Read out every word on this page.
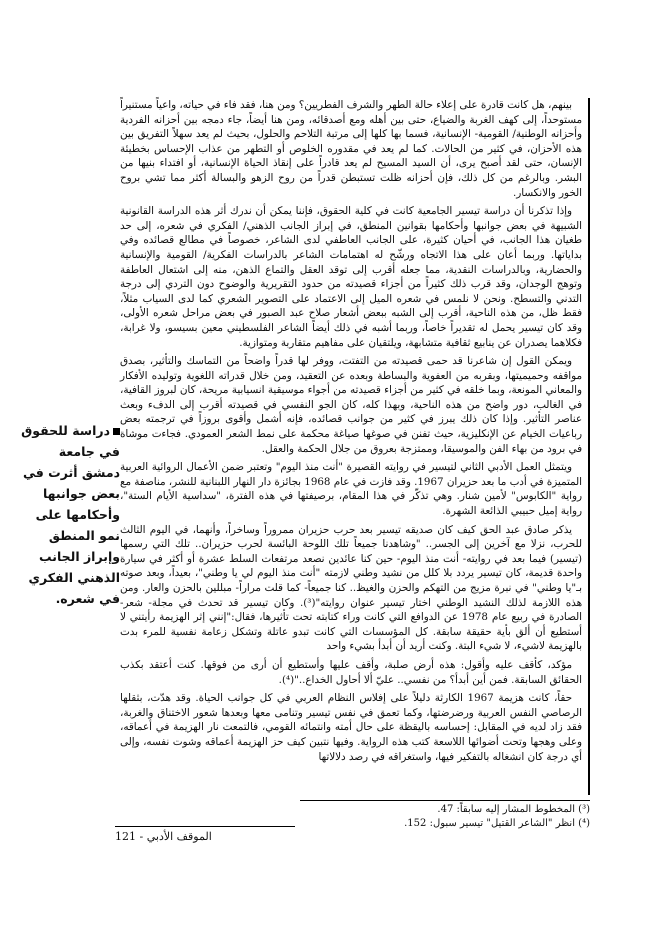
بينهم، هل كانت قادرة على إعلاء حالة الطهر والشرف الفطريين؟ ومن هنا، فقد فاء في حياته، واعياً مستنيراً مستوحداً، إلى كهف الغربة والضياع، حتى بين أهله ومع أصدقائه، ومن هنا أيضاً، جاء دمجه بين أحزانه الفردية وأحزانه الوطنية/ القومية- الإنسانية، فسما بها كلها إلى مرتبة التلاحم والحلول، بحيث لم يعد سهلاً التفريق بين هذه الأحزان، في كثير من الحالات. كما لم يعد في مقدوره الخلوص أو التطهر من عذاب الإحساس بخطيئة الإنسان، حتى لقد أصبح يرى، أن السيد المسيح لم يعد قادراً على إنقاذ الحياة الإنسانية، أو افتداء بنيها من البشر. وبالرغم من كل ذلك، فإن أحزانه ظلت تستبطن قدراً من روح الزهو والبسالة أكثر مما تشي بروح الخور والانكسار.

وإذا تذكرنا أن دراسة تيسير الجامعية كانت في كلية الحقوق، فإننا يمكن أن ندرك أثر هذه الدراسة القانونية الشبيهة في بعض جوانبها وأحكامها بقوانين المنطق، في إبراز الجانب الذهني/ الفكري في شعره، إلى حد طغيان هذا الجانب، في أحيان كثيرة، على الجانب العاطفي لدى الشاعر، خصوصاً في مطالع قصائده وفي بداياتها. وربما أعان على هذا الاتجاه ورشّح له اهتمامات الشاعر بالدراسات الفكرية/ القومية والإنسانية والحضارية، وبالدراسات النقدية، مما جعله أقرب إلى توقد العقل والتماع الذهن، منه إلى اشتعال العاطفة وتوهج الوجدان، وقد قرب ذلك كثيراً من أجزاء قصيدته من حدود التقريرية والوضوح دون التردي إلى درجة التدني والتسطح. ونحن لا نلمس في شعره الميل إلى الاعتماد على التصوير الشعري كما لدى السياب مثلاً، فقط ظل، من هذه الناحية، أقرب إلى الشبه ببعض أشعار صلاح عبد الصبور في بعض مراحل شعره الأولى، وقد كان تيسير يحمل له تقديراً خاصاً، وربما أشبه في ذلك أيضاً الشاعر الفلسطيني معين بسيسو، ولا غرابة، فكلاهما يصدران عن ينابيع ثقافية متشابهة، ويلتقيان على مفاهيم متقاربة ومتوازية.

ويمكن القول إن شاعرنا قد حمى قصيدته من التفتت، ووفر لها قدراً واضحاً من التماسك والتأثير، بصدق مواقفه وحميميتها، وبقربه من العفوية والبساطة وبعده عن التعقيد، ومن خلال قدراته اللغوية وتوليده الأفكار والمعاني المونعة، وبما خلقه في كثير من أجزاء قصيدته من أجواء موسيقية انسيابية مريحة، كان لبروز القافية، في الغالب، دور واضح من هذه الناحية، وبهذا كله، كان الجو النفسي في قصيدته أقرب إلى الدفء وبعث عناصر التأثير. وإذا كان ذلك يبرز في كثير من جوانب قصائده، فإنه أشمل وأقوى بروزاً في ترجمته بعض رباعيات الخيام عن الإنكليزية، حيث تفنن في صوغها صياغة محكمة على نمط الشعر العمودي. فجاءت موشاة في برود من بهاء الفن والموسيقا، وممتزجة بعروق من جلال الحكمة والعقل.

ويتمثل العمل الأدبي الثاني لتيسير في روايته القصيرة "أنت منذ اليوم" وتعتبر ضمن الأعمال الروائية العربية المتميزة في أدب ما بعد حزيران 1967. وقد فازت في عام 1968 بجائزة دار النهار اللبنانية للنشر، مناصفة مع رواية "الكابوس" لأمين شنار. وهي تذكّر في هذا المقام، برصيفتها في هذه الفترة، "سداسية الأيام الستة"، رواية إميل حبيبي الذائعة الشهرة.

يذكر صادق عبد الحق كيف كان صديقه تيسير بعد حرب حزيران ممروراً وساخراً، وأنهما، في اليوم الثالث للحرب، نزلا مع آخرين إلى الجسر.. "وشاهدنا جميعاً تلك اللوحة البائسة لحرب حزيران.. تلك التي رسمها (تيسير) فيما بعد في روايته- أنت منذ اليوم- حين كنا عائدين نصعد مرتفعات السلط عشرة أو أكثر في سيارة واحدة قديمة، كان تيسير يردد بلا كلل من نشيد وطني لازمته "أنت منذ اليوم لي يا وطني"، بعيداً، وبعد صوته بـ"يا وطني" في نبرة مزيج من التهكم والحزن والغيظ.. كنا جميعاً- كما قلت مراراً- مبللين بالحزن والعار. ومن هذه اللازمة لذلك النشيد الوطني اختار تيسير عنوان روايته"(³). وكان تيسير قد تحدث في مجلة- شعر- الصادرة في ربيع عام 1978 عن الدوافع التي كانت وراء كتابته تحت تأثيرها، فقال:"إنني إثر الهزيمة رأيتني لا أستطيع أن ألق بأية حقيقة سابقة. كل المؤسسات التي كانت تبدو عاتلة وتشكل زعامة نفسية للمرء بدت بالهزيمة لاشيء، لا شيء البتة. وكنت أريد أن أبدأ بشيء واحد

مؤكد، كأقف عليه وأقول: هذه أرض صلبة، وأقف عليها وأستطيع أن أرى من فوقها. كنت أعتقد بكذب الحقائق السابقة. فمن أين أبدأ؟ من نفسي.. عليّ ألا أحاول الخداع.."(⁴).

حقاً، كانت هزيمة 1967 الكارثة دليلاً على إفلاس النظام العربي في كل جوانب الحياة. وقد هدّت، بثقلها الرصاصي النفس العربية ورضرضتها، وكما تعمق في نفس تيسير وتنامى معها وبعدها شعور الاختناق والغربة، فقد زاد لديه في المقابل: إحساسه باليقظة على حال أمته وانتمائه القومي، فالتمعت نار الهزيمة في أعماقه، وعلى وهجها وتحت أضوائها اللاسعة كتب هذه الرواية. وفيها نتبين كيف حز الهزيمة أعماقه وشوت نفسه، وإلى أي درجة كان انشغاله بالتفكير فيها، واستغراقه في رصد دلالاتها

دراسة للحقوق في جامعة دمشق أثرت في بعض جوانبها وأحكامها على نمو المنطق وإبراز الجانب الذهني الفكري في شعره.
(³) المخطوط المشار إليه سابقاً: 47.
(⁴) انظر "الشاعر القتيل" تيسير سبول: 152.
الموقف الأدبي - 121
